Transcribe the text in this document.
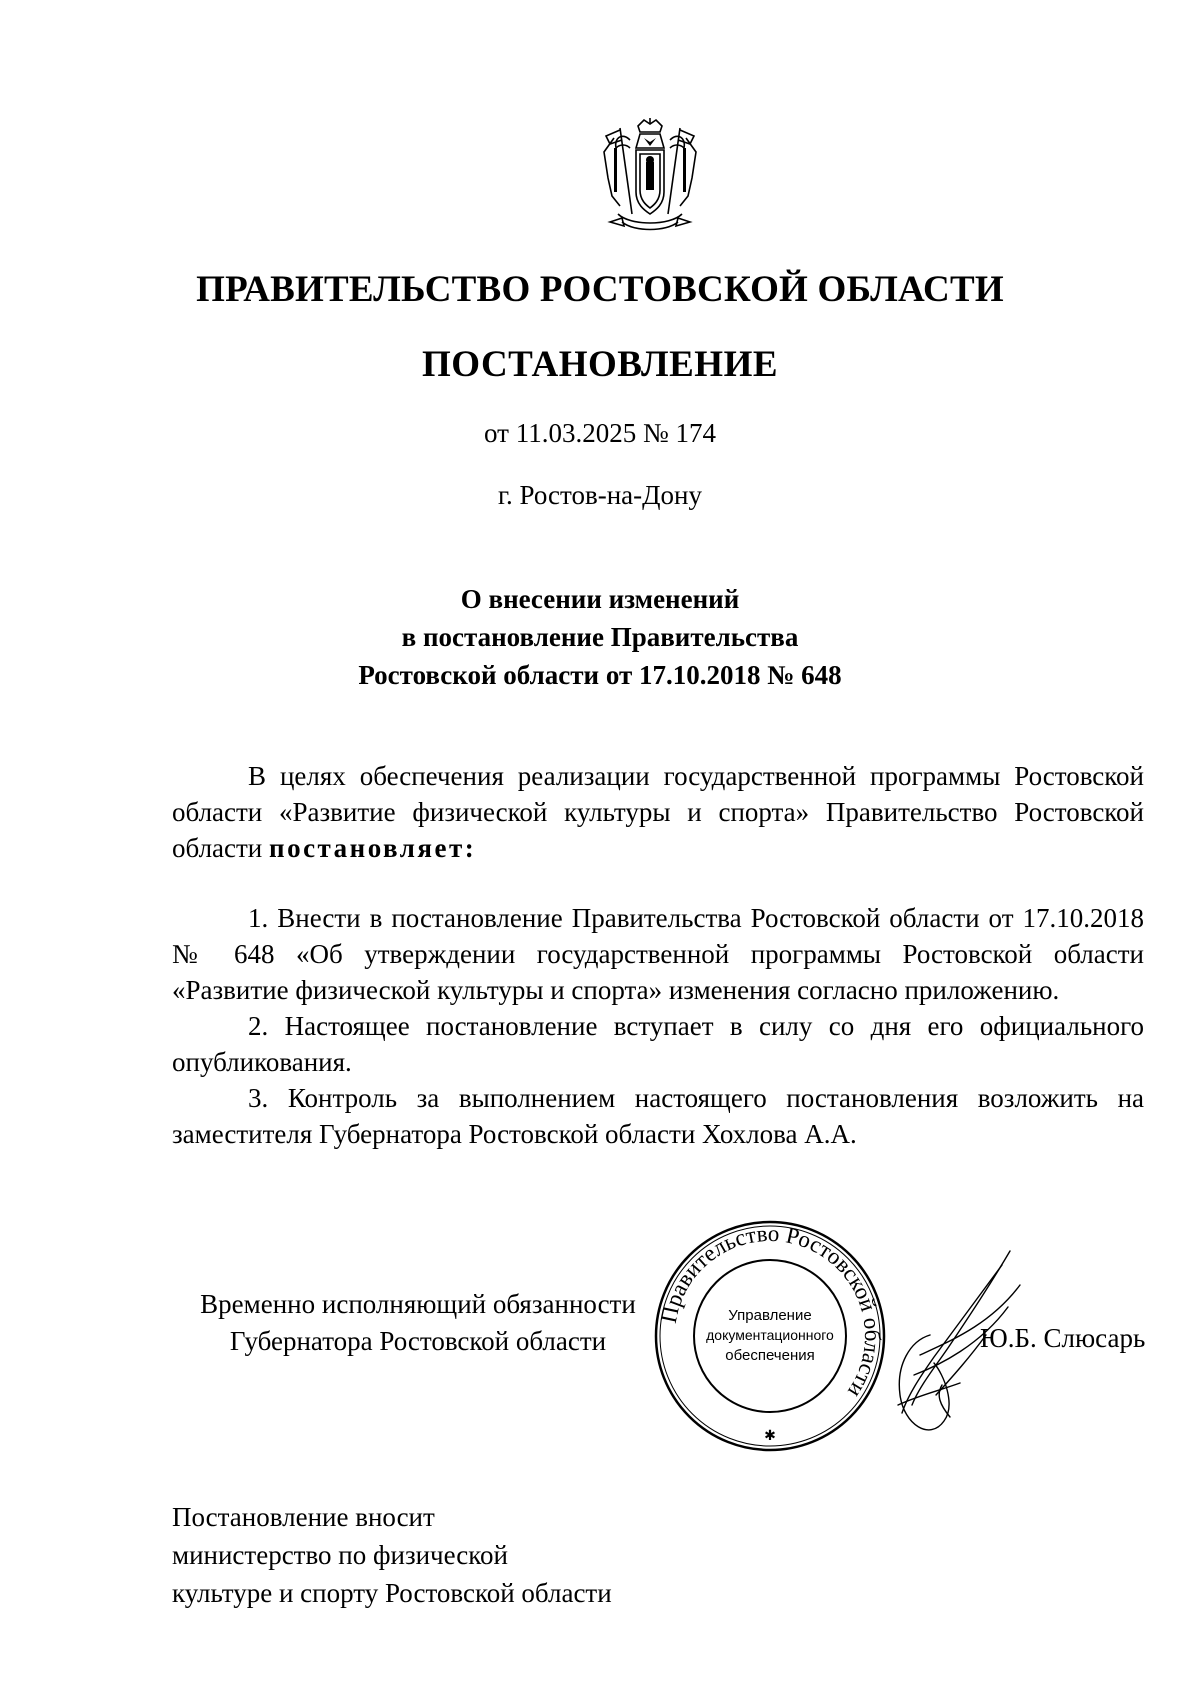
ПРАВИТЕЛЬСТВО РОСТОВСКОЙ ОБЛАСТИ
ПОСТАНОВЛЕНИЕ
от 11.03.2025 № 174
г. Ростов-на-Дону
О внесении изменений
в постановление Правительства
Ростовской области от 17.10.2018 № 648

В целях обеспечения реализации государственной программы Ростовской области «Развитие физической культуры и спорта» Правительство Ростовской области постановляет:

1. Внести в постановление Правительства Ростовской области от 17.10.2018 № 648 «Об утверждении государственной программы Ростовской области «Развитие физической культуры и спорта» изменения согласно приложению.

2. Настоящее постановление вступает в силу со дня его официального опубликования.

3. Контроль за выполнением настоящего постановления возложить на заместителя Губернатора Ростовской области Хохлова А.А.

Временно исполняющий обязанности
Губернатора Ростовской области
Правительство Ростовской области
Управление
документационного
обеспечения
✱
Ю.Б. Слюсарь
Постановление вносит
министерство по физической
культуре и спорту Ростовской области
